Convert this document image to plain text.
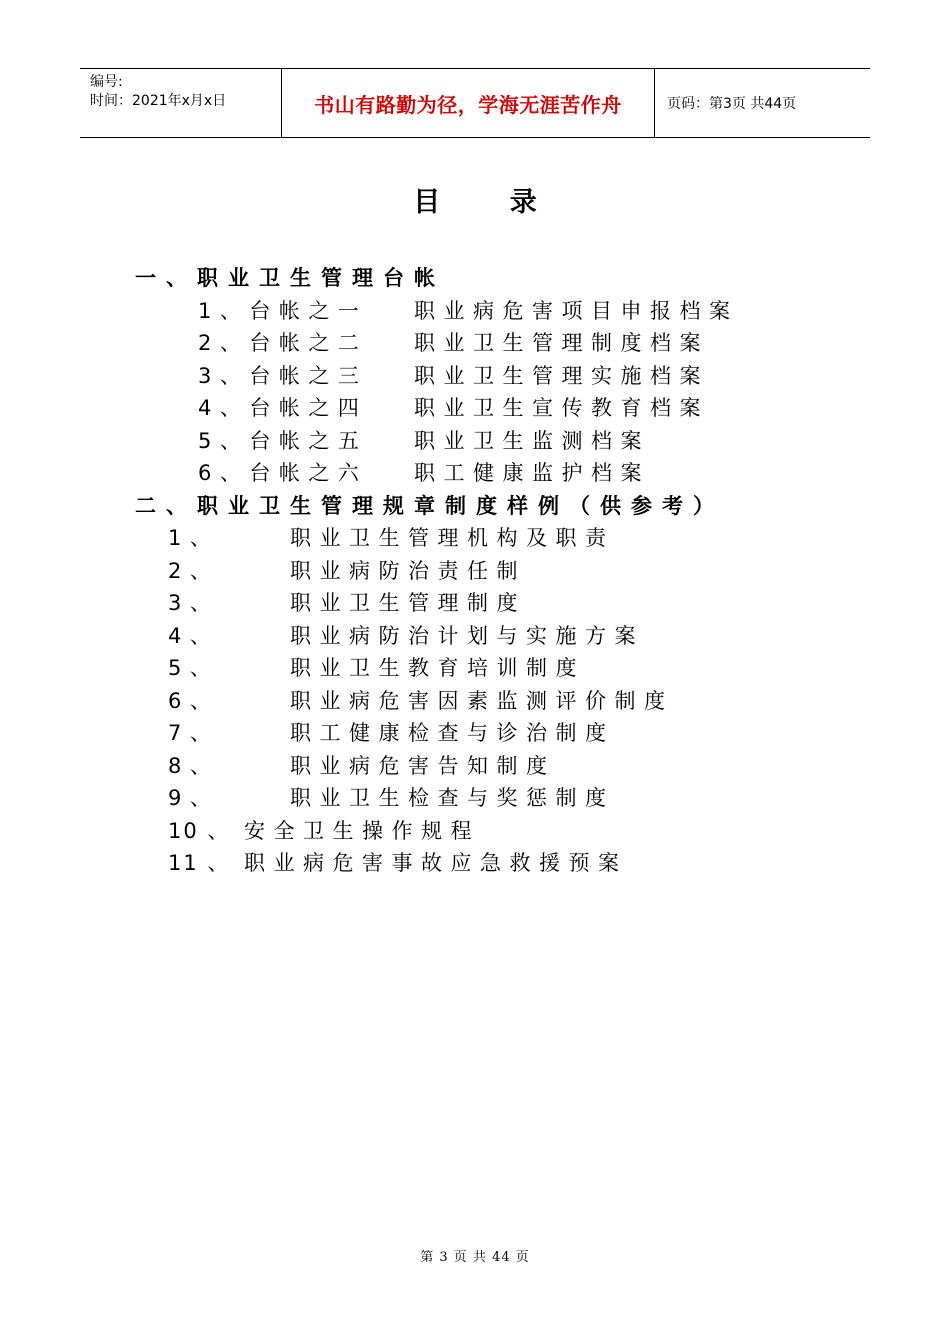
编号:
时间：2021年x月x日	书山有路勤为径，学海无涯苦作舟	页码：第3页 共44页
目 录
一、职业卫生管理台帐
1、台帐之一 职业病危害项目申报档案
2、台帐之二 职业卫生管理制度档案
3、台帐之三 职业卫生管理实施档案
4、台帐之四 职业卫生宣传教育档案
5、台帐之五 职业卫生监测档案
6、台帐之六 职工健康监护档案
二、职业卫生管理规章制度样例（供参考）
1、	职业卫生管理机构及职责
2、	职业病防治责任制
3、	职业卫生管理制度
4、	职业病防治计划与实施方案
5、	职业卫生教育培训制度
6、	职业病危害因素监测评价制度
7、	职工健康检查与诊治制度
8、	职业病危害告知制度
9、	职业卫生检查与奖惩制度
10 、 安全卫生操作规程
11 、 职业病危害事故应急救援预案
第 3 页 共 44 页
